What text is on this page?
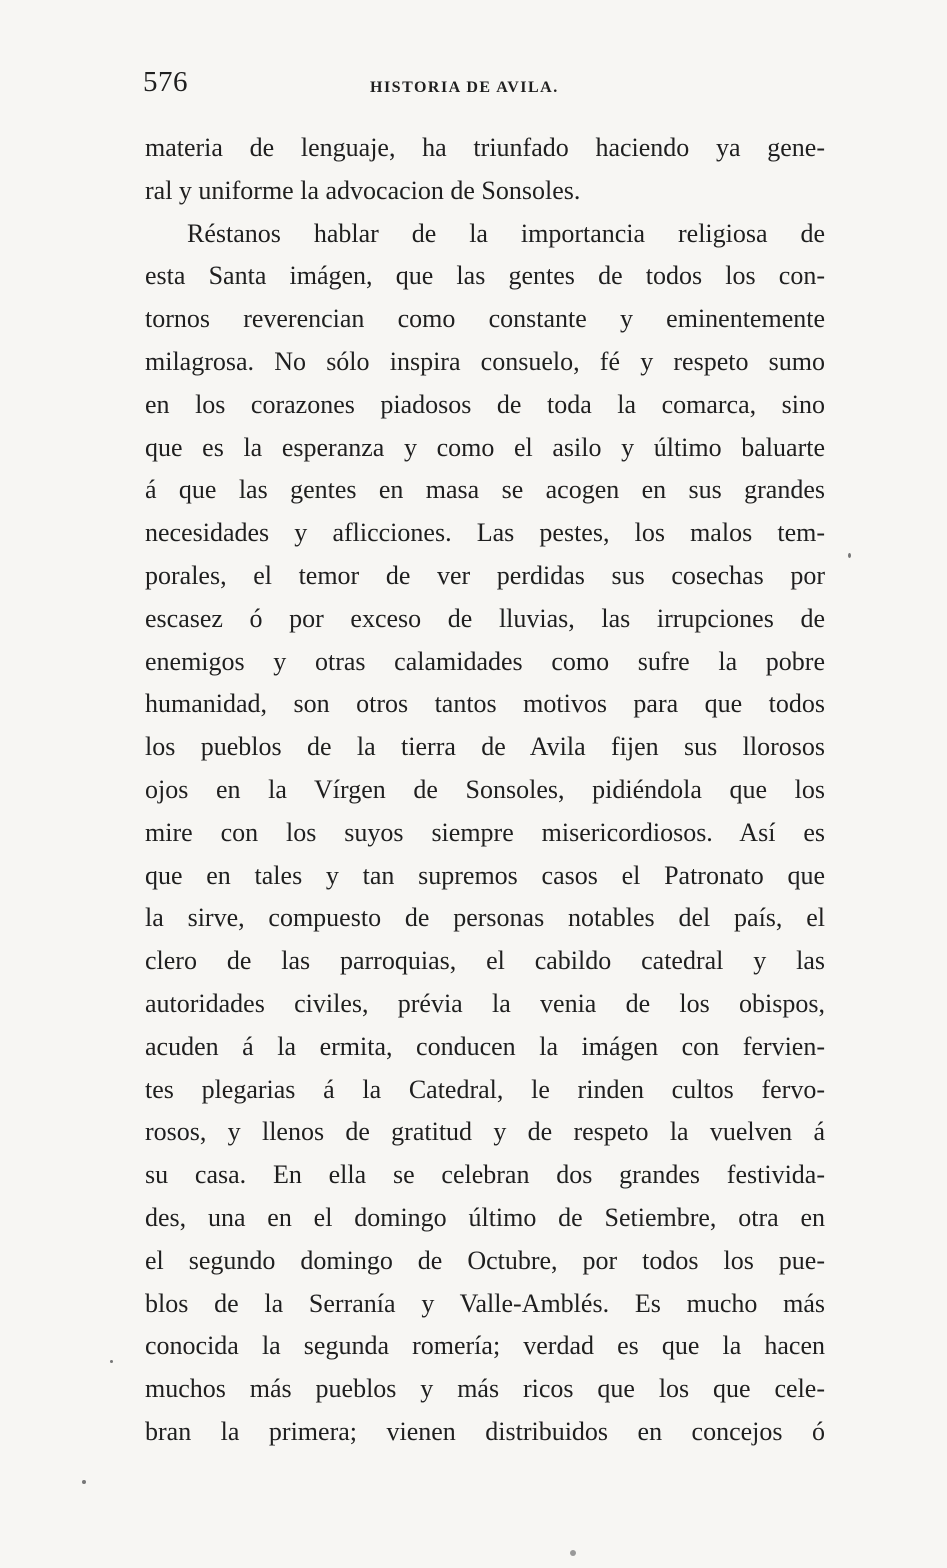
576	HISTORIA DE AVILA.
materia de lenguaje, ha triunfado haciendo ya gene-
ral y uniforme la advocacion de Sonsoles.
Réstanos hablar de la importancia religiosa de
esta Santa imágen, que las gentes de todos los con-
tornos reverencian como constante y eminentemente
milagrosa. No sólo inspira consuelo, fé y respeto sumo
en los corazones piadosos de toda la comarca, sino
que es la esperanza y como el asilo y último baluarte
á que las gentes en masa se acogen en sus grandes
necesidades y aflicciones. Las pestes, los malos tem-
porales, el temor de ver perdidas sus cosechas por
escasez ó por exceso de lluvias, las irrupciones de
enemigos y otras calamidades como sufre la pobre
humanidad, son otros tantos motivos para que todos
los pueblos de la tierra de Avila fijen sus llorosos
ojos en la Vírgen de Sonsoles, pidiéndola que los
mire con los suyos siempre misericordiosos. Así es
que en tales y tan supremos casos el Patronato que
la sirve, compuesto de personas notables del país, el
clero de las parroquias, el cabildo catedral y las
autoridades civiles, prévia la venia de los obispos,
acuden á la ermita, conducen la imágen con fervien-
tes plegarias á la Catedral, le rinden cultos fervo-
rosos, y llenos de gratitud y de respeto la vuelven á
su casa. En ella se celebran dos grandes festivida-
des, una en el domingo último de Setiembre, otra en
el segundo domingo de Octubre, por todos los pue-
blos de la Serranía y Valle-Amblés. Es mucho más
conocida la segunda romería; verdad es que la hacen
muchos más pueblos y más ricos que los que cele-
bran la primera; vienen distribuidos en concejos ó
